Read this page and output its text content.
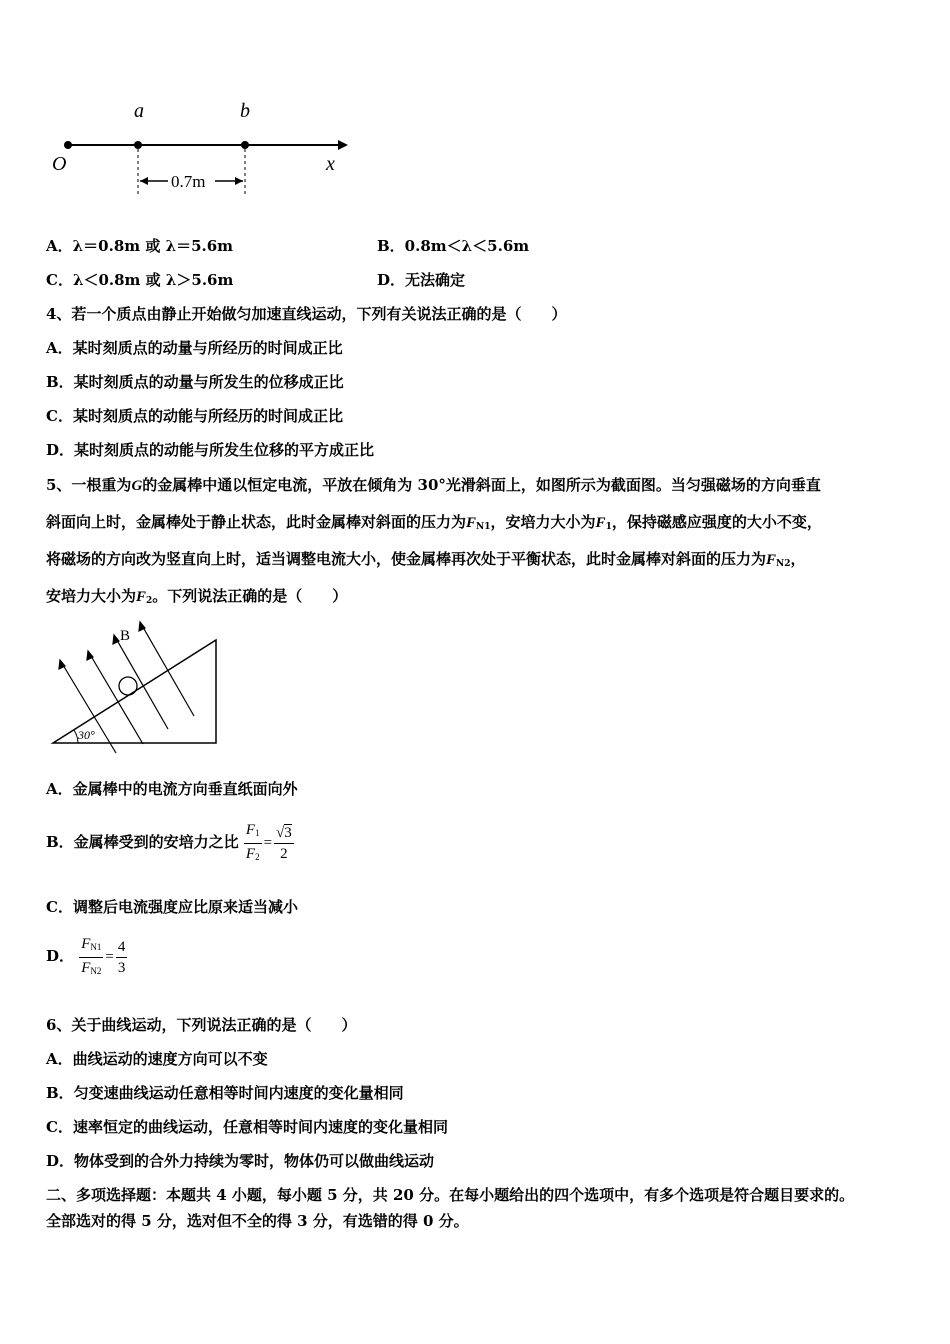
a	b
O	x
0.7m
A．λ＝0.8m 或 λ＝5.6m	B．0.8m＜λ＜5.6m
C．λ＜0.8m 或 λ＞5.6m	D．无法确定
4、若一个质点由静止开始做匀加速直线运动，下列有关说法正确的是（　　）
A．某时刻质点的动量与所经历的时间成正比
B．某时刻质点的动量与所发生的位移成正比
C．某时刻质点的动能与所经历的时间成正比
D．某时刻质点的动能与所发生位移的平方成正比
5、一根重为G的金属棒中通以恒定电流，平放在倾角为 30°光滑斜面上，如图所示为截面图。当匀强磁场的方向垂直
斜面向上时，金属棒处于静止状态，此时金属棒对斜面的压力为$F_{N1}$，安培力大小为$F_1$，保持磁感应强度的大小不变，
将磁场的方向改为竖直向上时，适当调整电流大小，使金属棒再次处于平衡状态，此时金属棒对斜面的压力为$F_{N2}$，
安培力大小为$F_2$。下列说法正确的是（　　）
30°
B
A．金属棒中的电流方向垂直纸面向外
B．金属棒受到的安培力之比 $\frac{F_1}{F_2} = \frac{√3}{2}$
C．调整后电流强度应比原来适当减小
D． $\frac{F_{N1}}{F_{N2}} = \frac{4}{3}$
6、关于曲线运动，下列说法正确的是（　　）
A．曲线运动的速度方向可以不变
B．匀变速曲线运动任意相等时间内速度的变化量相同
C．速率恒定的曲线运动，任意相等时间内速度的变化量相同
D．物体受到的合外力持续为零时，物体仍可以做曲线运动
二、多项选择题：本题共 4 小题，每小题 5 分，共 20 分。在每小题给出的四个选项中，有多个选项是符合题目要求的。
全部选对的得 5 分，选对但不全的得 3 分，有选错的得 0 分。
